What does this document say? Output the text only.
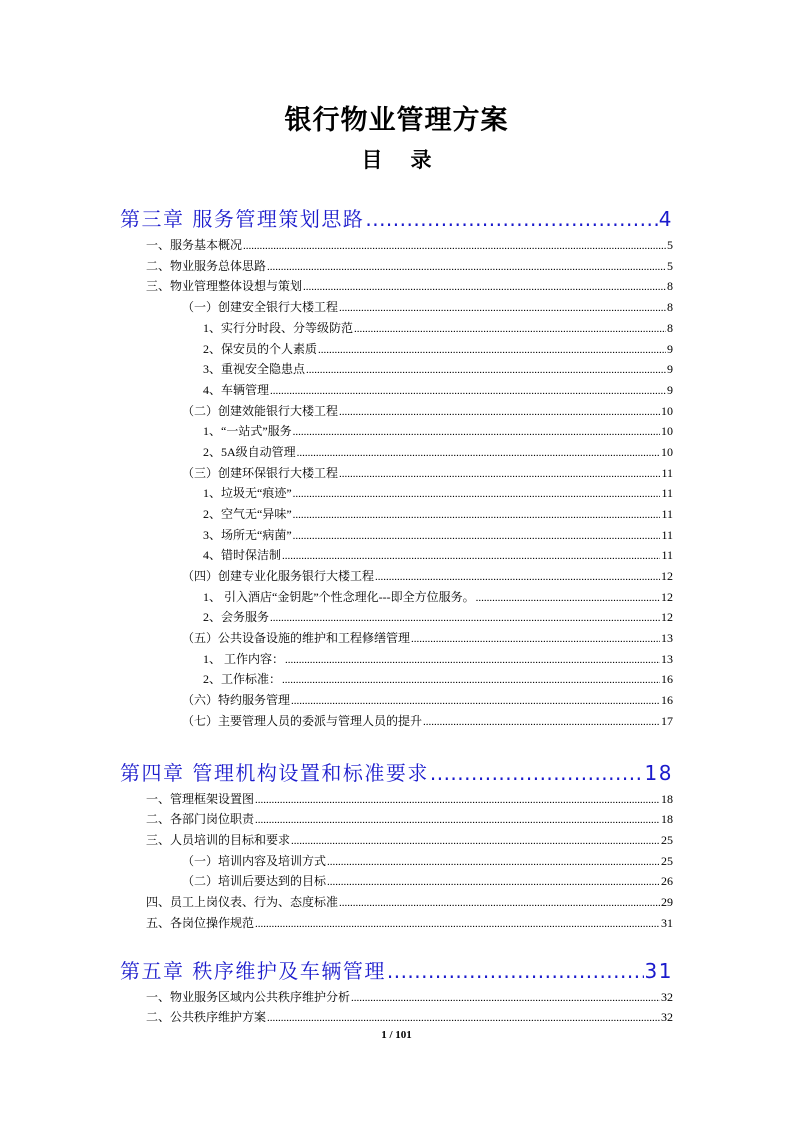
银行物业管理方案
目 录
第三章 服务管理策划思路 .....	4
一、服务基本概况 .....	5
二、物业服务总体思路 .....	5
三、物业管理整体设想与策划 .....	8
（一）创建安全银行大楼工程 .....	8
1、实行分时段、分等级防范 .....	8
2、保安员的个人素质 .....	9
3、重视安全隐患点 .....	9
4、车辆管理 .....	9
（二）创建效能银行大楼工程 .....	10
1、“一站式”服务 .....	10
2、5A级自动管理 .....	10
（三）创建环保银行大楼工程 .....	11
1、垃圾无“痕迹” .....	11
2、空气无“异味” .....	11
3、场所无“病菌” .....	11
4、错时保洁制 .....	11
（四）创建专业化服务银行大楼工程 .....	12
1、 引入酒店“金钥匙”个性念理化---即全方位服务。 .....	12
2、会务服务 .....	12
（五）公共设备设施的维护和工程修缮管理 .....	13
1、 工作内容： .....	13
2、工作标准： .....	16
（六）特约服务管理 .....	16
（七）主要管理人员的委派与管理人员的提升 .....	17
第四章 管理机构设置和标准要求 .....	18
一、管理框架设置图 .....	18
二、各部门岗位职责 .....	18
三、人员培训的目标和要求 .....	25
（一）培训内容及培训方式 .....	25
（二）培训后要达到的目标 .....	26
四、员工上岗仪表、行为、态度标准 .....	29
五、各岗位操作规范 .....	31
第五章 秩序维护及车辆管理 .....	31
一、物业服务区域内公共秩序维护分析 .....	32
二、公共秩序维护方案 .....	32
1 / 101
